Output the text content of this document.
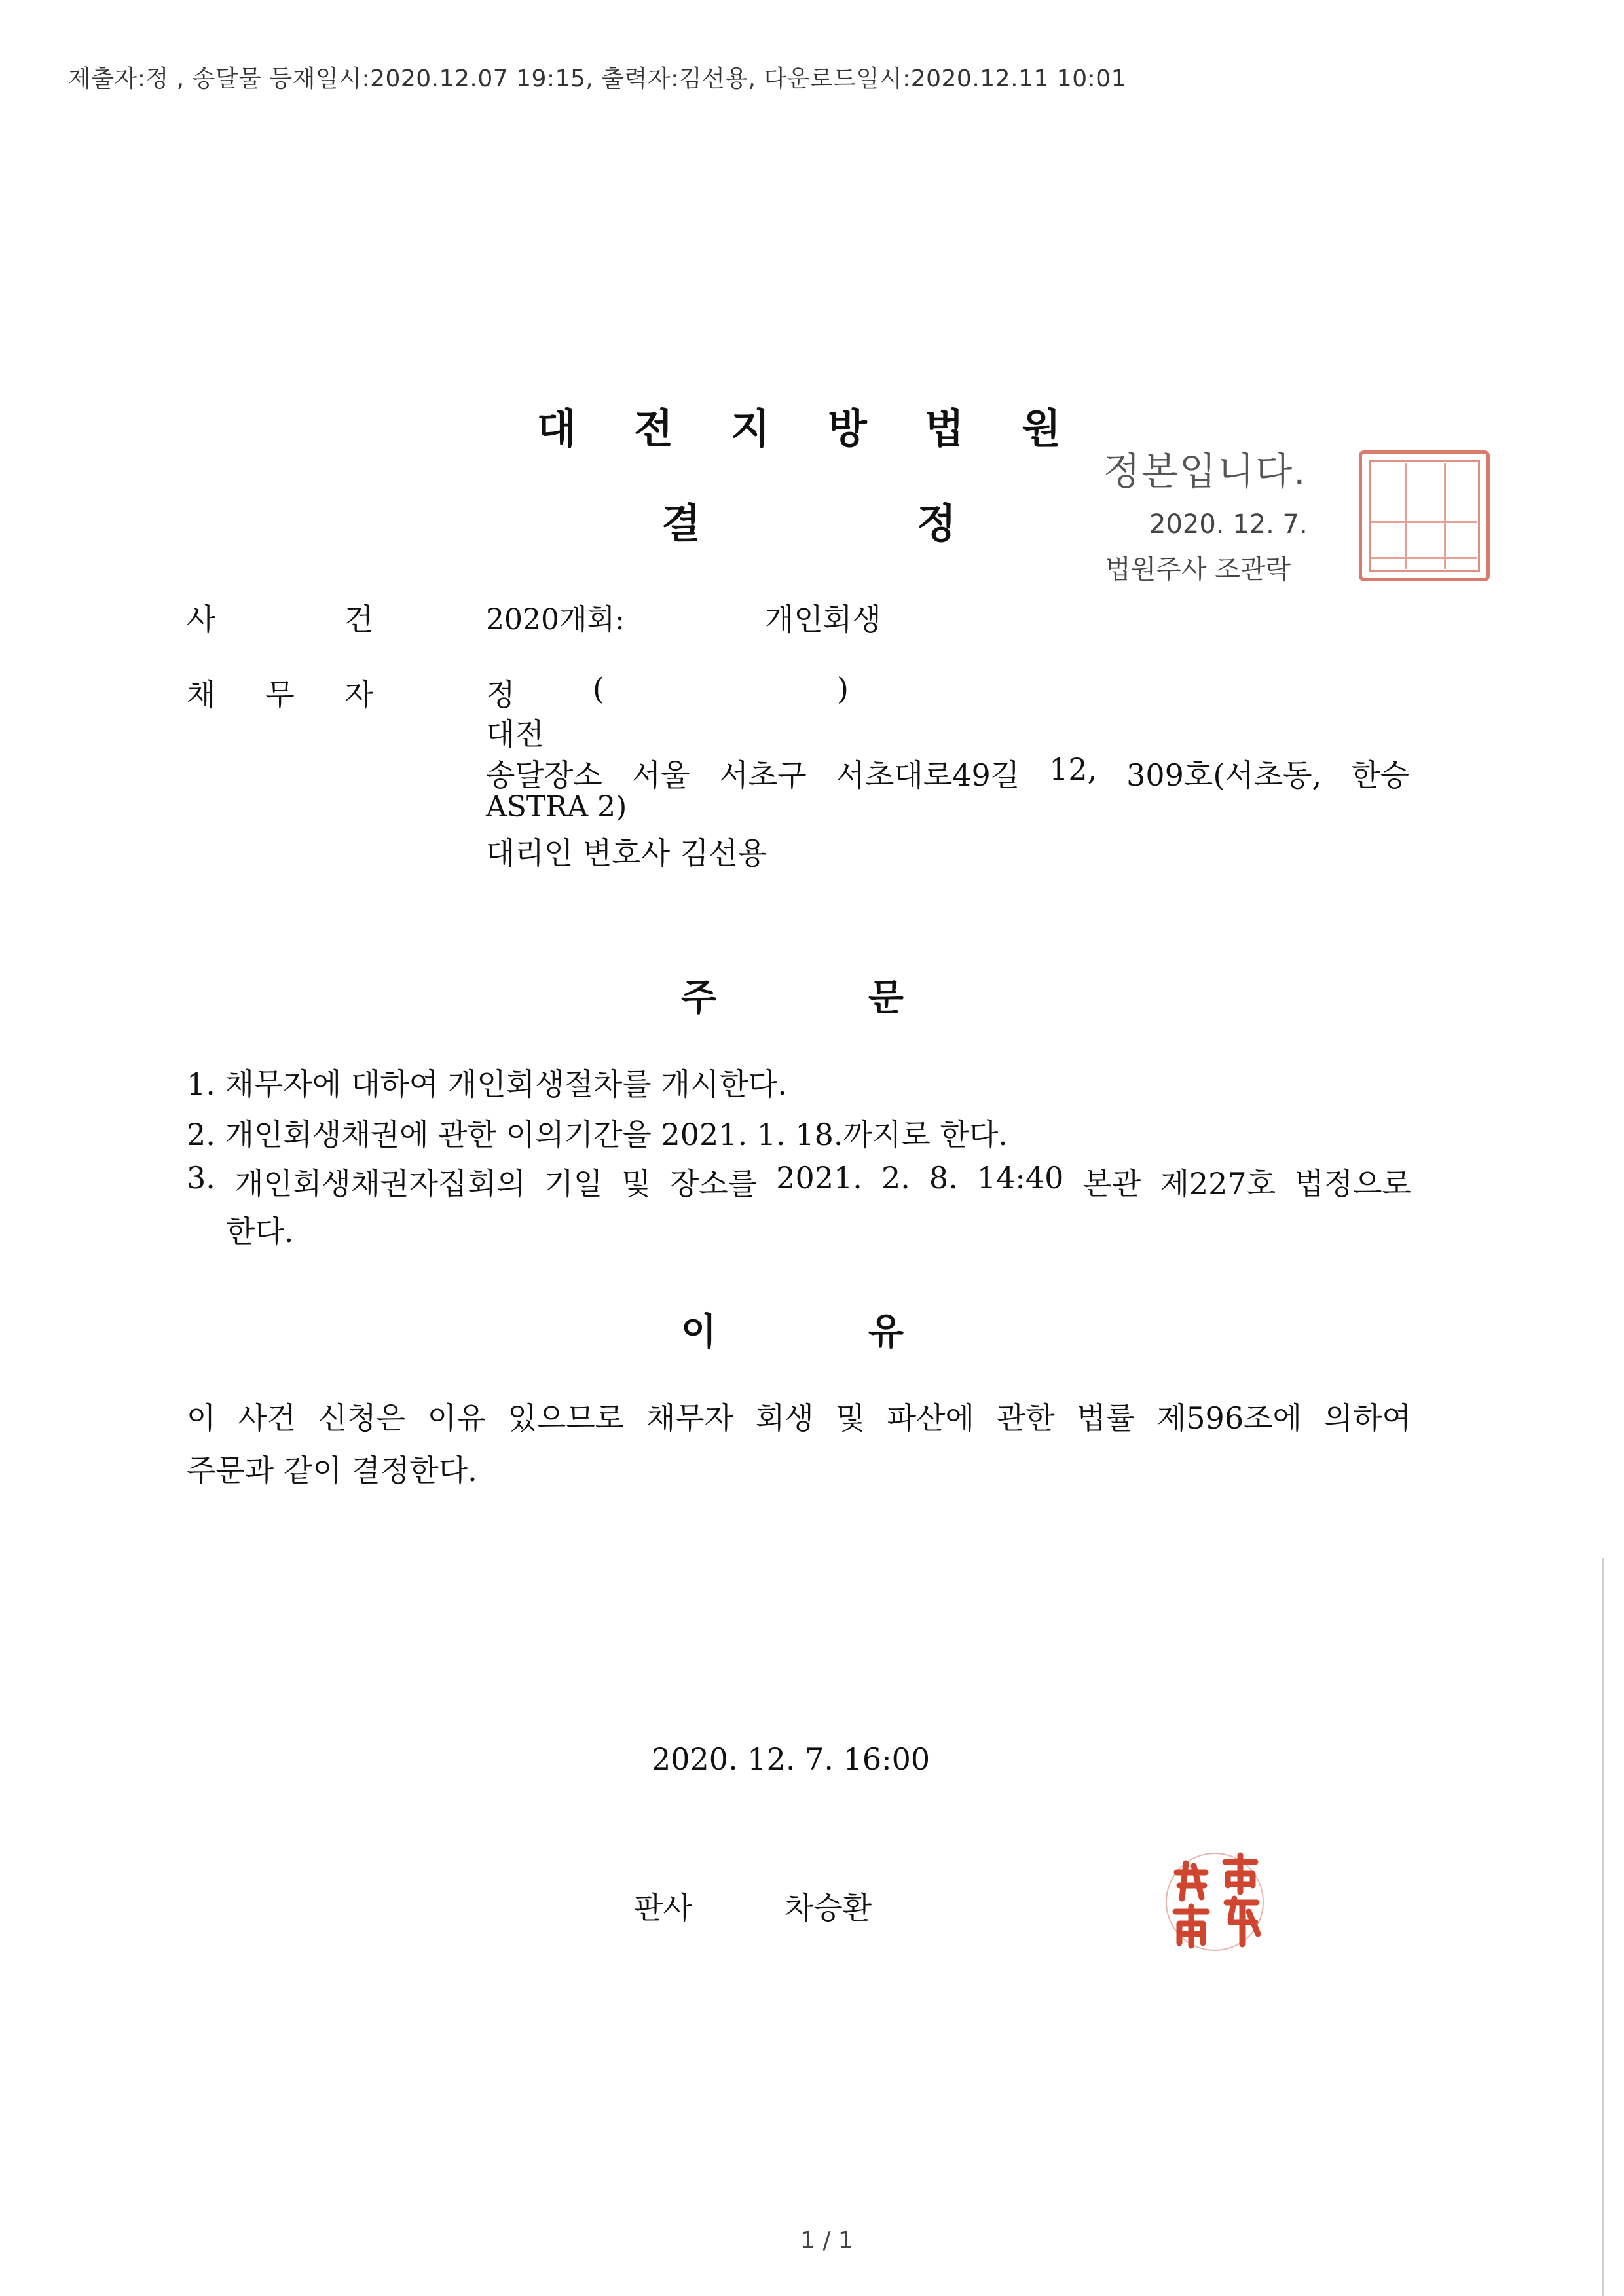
제출자:정 , 송달물 등재일시:2020.12.07 19:15, 출력자:김선용, 다운로드일시:2020.12.11 10:01
대 전 지 방 법 원
결	정
정본입니다.
2020. 12. 7.
법원주사 조관락
사	건	2020개회:	개인회생
채 무 자	정	(	)
대전
송달장소 서울 서초구 서초대로49길 12, 309호(서초동, 한승
ASTRA 2)
대리인 변호사 김선용
주	문
1. 채무자에 대하여 개인회생절차를 개시한다.
2. 개인회생채권에 관한 이의기간을 2021. 1. 18.까지로 한다.
3. 개인회생채권자집회의 기일 및 장소를 2021. 2. 8. 14:40 본관 제227호 법정으로
한다.
이	유
이 사건 신청은 이유 있으므로 채무자 회생 및 파산에 관한 법률 제596조에 의하여
주문과 같이 결정한다.
2020. 12. 7. 16:00
판사	차승환
1 / 1
